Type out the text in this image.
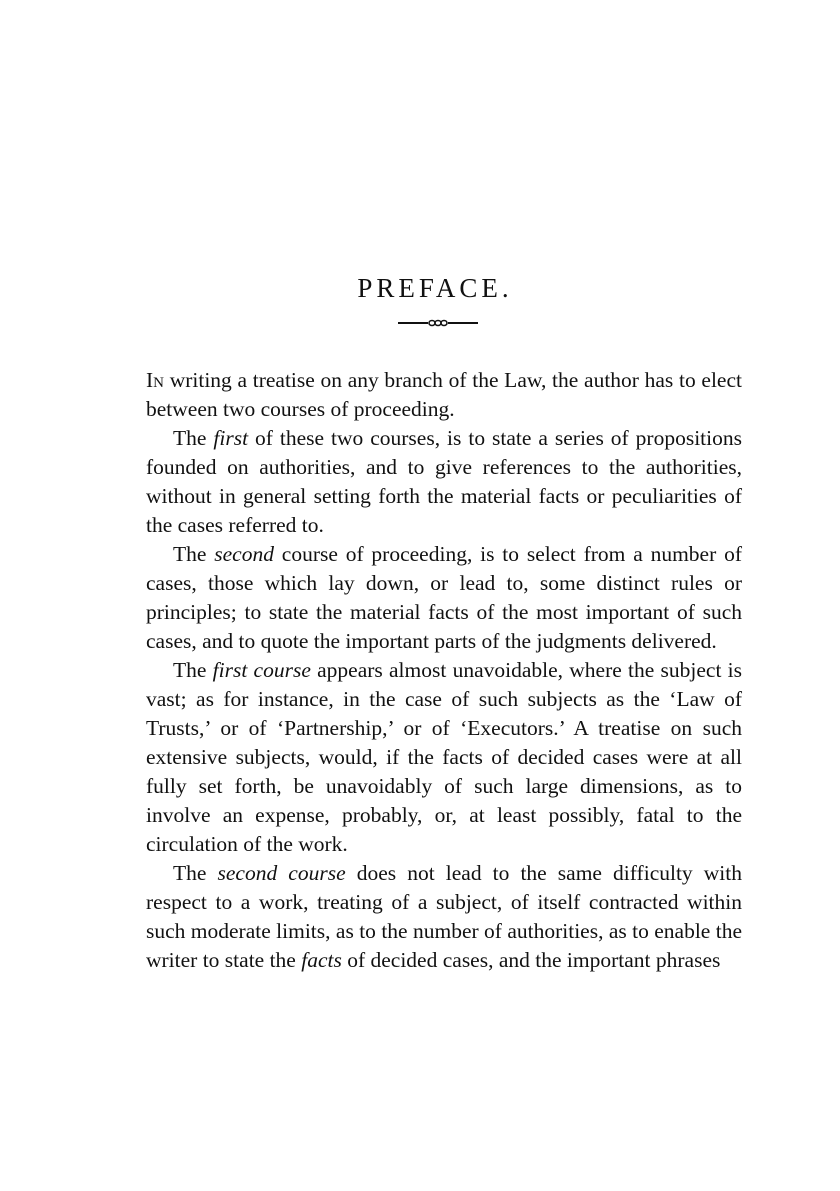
PREFACE.

In writing a treatise on any branch of the Law, the author has to elect between two courses of proceeding.

The first of these two courses, is to state a series of propositions founded on authorities, and to give references to the authorities, without in general setting forth the material facts or peculiarities of the cases referred to.

The second course of proceeding, is to select from a number of cases, those which lay down, or lead to, some distinct rules or principles; to state the material facts of the most important of such cases, and to quote the important parts of the judgments delivered.

The first course appears almost unavoidable, where the subject is vast; as for instance, in the case of such subjects as the ‘Law of Trusts,’ or of ‘Partnership,’ or of ‘Executors.’ A treatise on such extensive subjects, would, if the facts of decided cases were at all fully set forth, be unavoidably of such large dimensions, as to involve an expense, probably, or, at least possibly, fatal to the circulation of the work.

The second course does not lead to the same difficulty with respect to a work, treating of a subject, of itself contracted within such moderate limits, as to the number of authorities, as to enable the writer to state the facts of decided cases, and the important phrases
